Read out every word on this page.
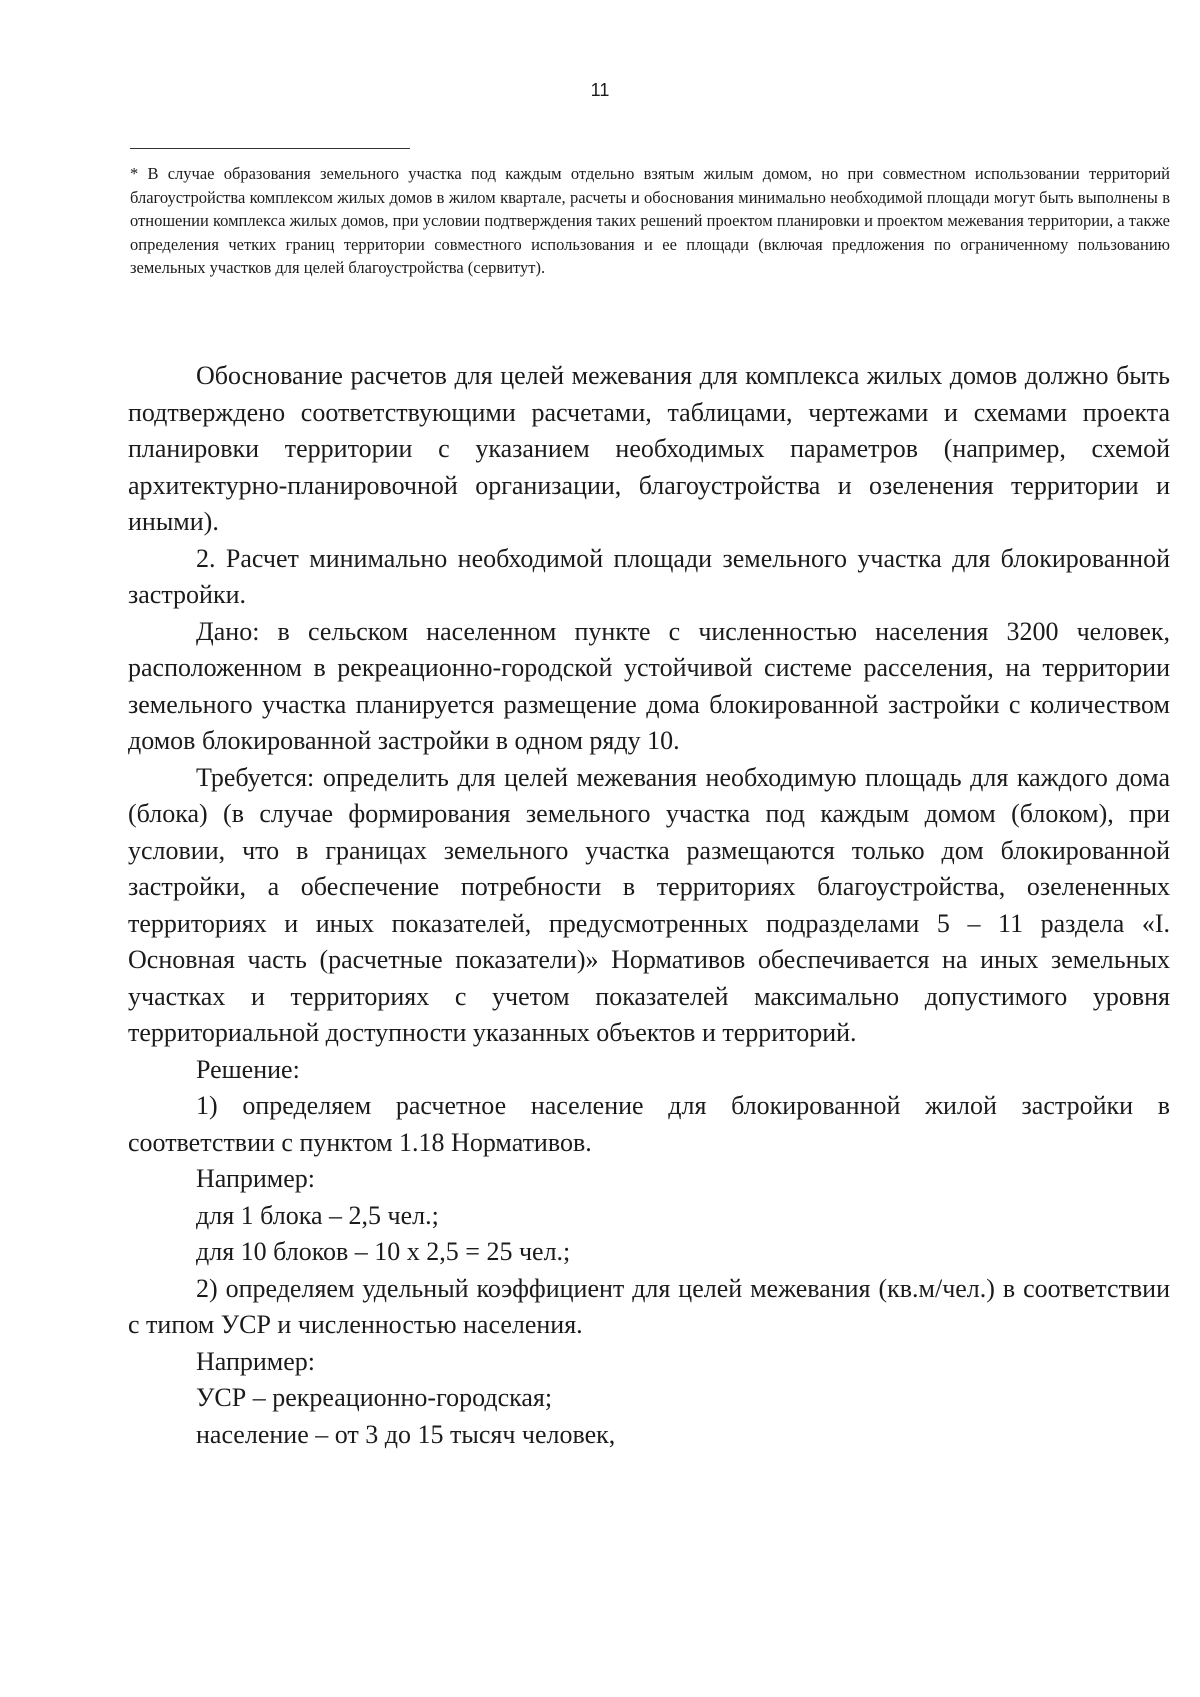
11

* В случае образования земельного участка под каждым отдельно взятым жилым домом, но при совместном использовании территорий благоустройства комплексом жилых домов в жилом квартале, расчеты и обоснования минимально необходимой площади могут быть выполнены в отношении комплекса жилых домов, при условии подтверждения таких решений проектом планировки и проектом межевания территории, а также определения четких границ территории совместного использования и ее площади (включая предложения по ограниченному пользованию земельных участков для целей благоустройства (сервитут).

Обоснование расчетов для целей межевания для комплекса жилых домов должно быть подтверждено соответствующими расчетами, таблицами, чертежами и схемами проекта планировки территории с указанием необходимых параметров (например, схемой архитектурно-планировочной организации, благоустройства и озеленения территории и иными).

2. Расчет минимально необходимой площади земельного участка для блокированной застройки.

Дано: в сельском населенном пункте с численностью населения 3200 человек, расположенном в рекреационно-городской устойчивой системе расселения, на территории земельного участка планируется размещение дома блокированной застройки с количеством домов блокированной застройки в одном ряду 10.

Требуется: определить для целей межевания необходимую площадь для каждого дома (блока) (в случае формирования земельного участка под каждым домом (блоком), при условии, что в границах земельного участка размещаются только дом блокированной застройки, а обеспечение потребности в территориях благоустройства, озелененных территориях и иных показателей, предусмотренных подразделами 5 – 11 раздела «I. Основная часть (расчетные показатели)» Нормативов обеспечивается на иных земельных участках и территориях с учетом показателей максимально допустимого уровня территориальной доступности указанных объектов и территорий.

Решение:

1) определяем расчетное население для блокированной жилой застройки в соответствии с пунктом 1.18 Нормативов.

Например:

для 1 блока – 2,5 чел.;

для 10 блоков – 10 х 2,5 = 25 чел.;

2) определяем удельный коэффициент для целей межевания (кв.м/чел.) в соответствии с типом УСР и численностью населения.

Например:

УСР – рекреационно-городская;

население – от 3 до 15 тысяч человек,
